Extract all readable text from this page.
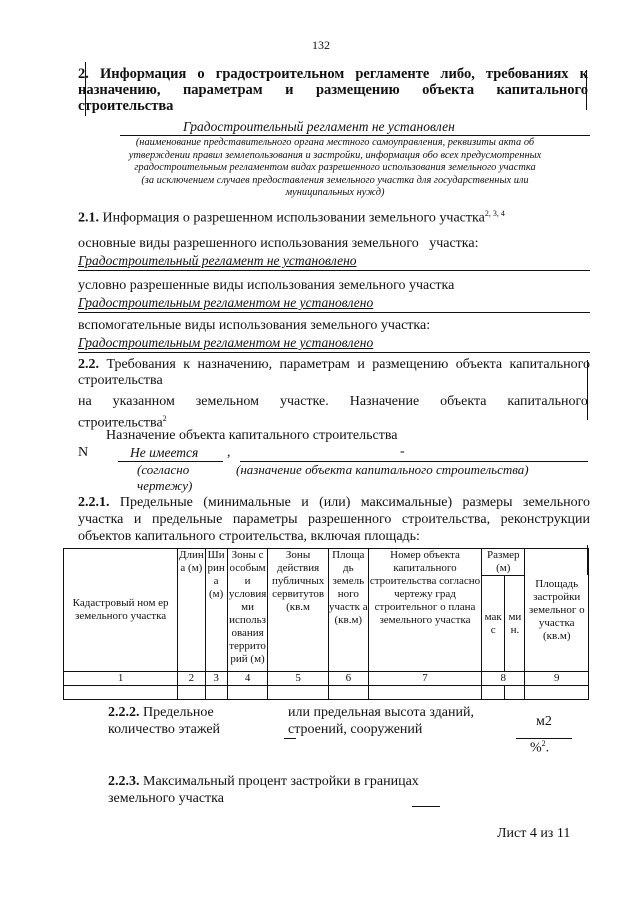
132
2. Информация о градостроительном регламенте либо, требованиях к
назначению, параметрам и размещению объекта капитального
строительства
Градостроительный регламент не установлен
(наименование представительного органа местного самоуправления, реквизиты акта об
утверждении правил землепользования и застройки, информация обо всех предусмотренных
градостроительным регламентом видах разрешенного использования земельного участка
(за исключением случаев предоставления земельного участка для государственных или
муниципальных нужд)
2.1. Информация о разрешенном использовании земельного участка$^{2, 3, 4}$
основные виды разрешенного использования земельного   участка:
Градостроительный регламент не установлено
условно разрешенные виды использования земельного участка
Градостроительным регламентом не установлено
вспомогательные виды использования земельного участка:
Градостроительным регламентом не установлено
2.2. Требования к назначению, параметрам и размещению объекта капитального
строительства
на указанном земельном участке. Назначение объекта капитального
строительства$^2$
Назначение объекта капитального строительства
N	Не имеется ,	-
(согласно
чертежу)
(назначение объекта капитального строительства)
2.2.1. Предельные (минимальные и (или) максимальные) размеры земельного
участка и предельные параметры разрешенного строительства, реконструкции
объектов капитального строительства, включая площадь:
Кадастровый ном ер земельного участка	Длин а (м)	Ши рин а (м)	Зоны с особым и условия ми использ ования террито рий (м)	Зоны действия публичных сервитутов (кв.м	Площа дь земель ного участк а (кв.м)	Номер объекта капитального строительства согласно чертежу град строительног о плана земельного участка	Размер (м)		Площадь застройки земельног о участка (кв.м)
							мак с	ми н.	
1	2	3	4	5	6	7	8		9

2.2.2. Предельное
количество этажей
или предельная высота зданий,
строений, сооружений
м2
%$^2$.
2.2.3. Максимальный процент застройки в границах
земельного участка
Лист 4 из 11
